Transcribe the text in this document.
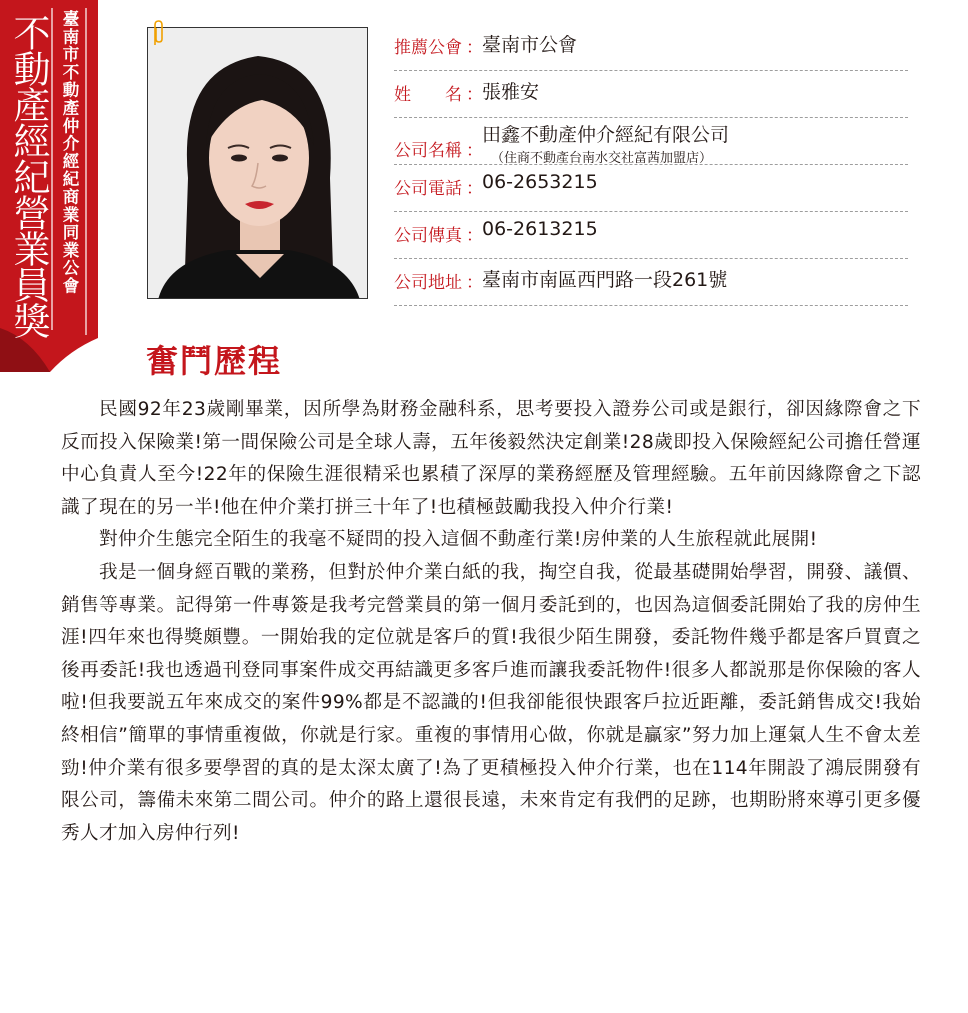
不動產經紀營業員獎 臺南市不動產仲介經紀商業同業公會	推薦公會 ： 臺南市公會
姓　　名 ： 張雅安
公司名稱 ：
田鑫不動產仲介經紀有限公司
（住商不動產台南水交社富茜加盟店）
公司電話 ： 06-2653215
公司傳真 ： 06-2613215
公司地址 ： 臺南市南區西門路一段261號
奮鬥歷程

民國92年23歲剛畢業，因所學為財務金融科系，思考要投入證券公司或是銀行，卻因緣際會之下反而投入保險業!第一間保險公司是全球人壽，五年後毅然決定創業!28歲即投入保險經紀公司擔任營運中心負責人至今!22年的保險生涯很精采也累積了深厚的業務經歷及管理經驗。五年前因緣際會之下認識了現在的另一半!他在仲介業打拼三十年了!也積極鼓勵我投入仲介行業!

對仲介生態完全陌生的我毫不疑問的投入這個不動產行業!房仲業的人生旅程就此展開!

我是一個身經百戰的業務，但對於仲介業白紙的我，掏空自我，從最基礎開始學習，開發、議價、銷售等專業。記得第一件專簽是我考完營業員的第一個月委託到的，也因為這個委託開始了我的房仲生涯!四年來也得獎頗豐。一開始我的定位就是客戶的質!我很少陌生開發，委託物件幾乎都是客戶買賣之後再委託!我也透過刊登同事案件成交再結識更多客戶進而讓我委託物件!很多人都説那是你保險的客人啦!但我要説五年來成交的案件99%都是不認識的!但我卻能很快跟客戶拉近距離，委託銷售成交!我始終相信”簡單的事情重複做，你就是行家。重複的事情用心做，你就是贏家”努力加上運氣人生不會太差勁!仲介業有很多要學習的真的是太深太廣了!為了更積極投入仲介行業，也在114年開設了鴻辰開發有限公司，籌備未來第二間公司。仲介的路上還很長遠，未來肯定有我們的足跡，也期盼將來導引更多優秀人才加入房仲行列!
